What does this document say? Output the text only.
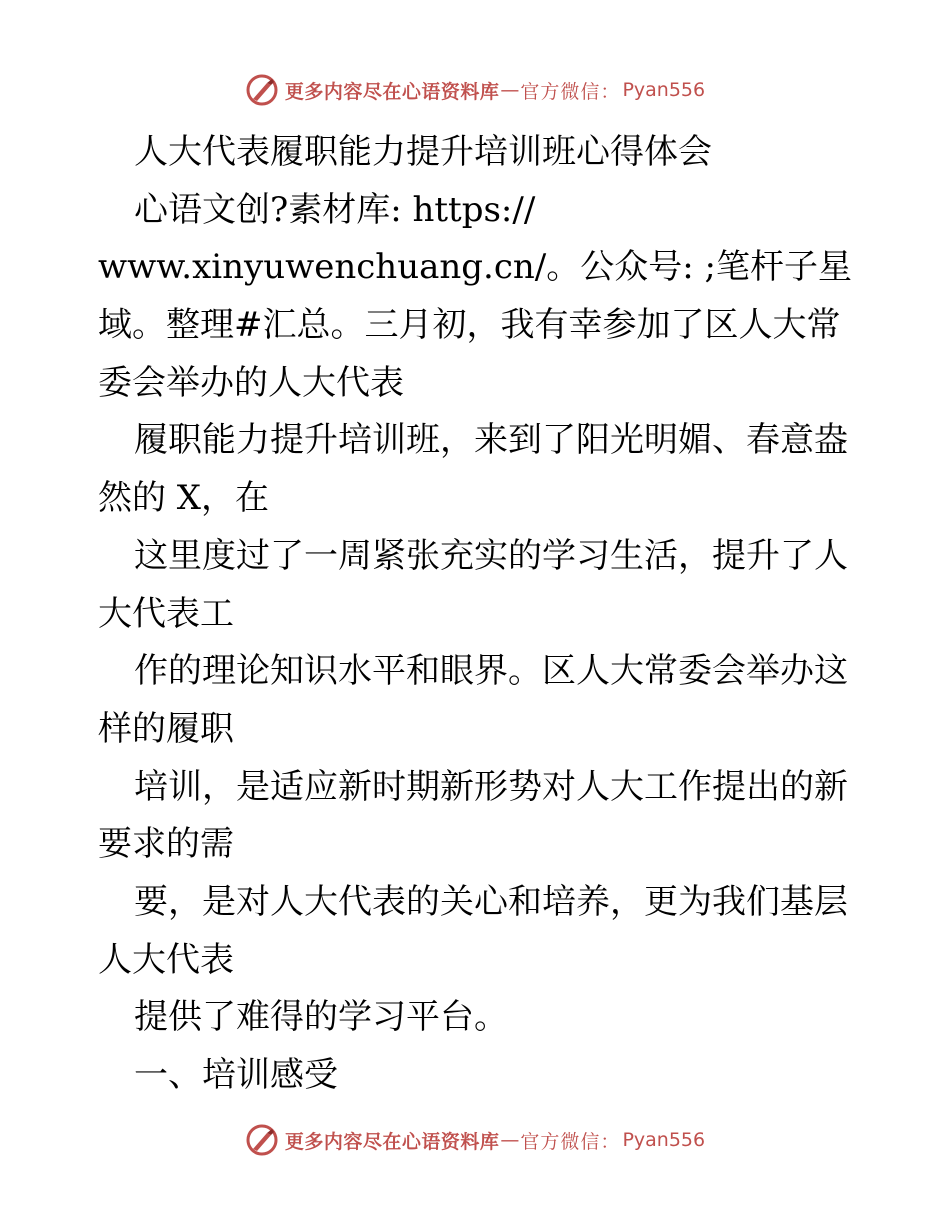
更多内容尽在心语资料库 — 官方微信： Pyan556
人大代表履职能力提升培训班心得体会
心语文创?素材库: https://
www.xinyuwenchuang.cn/。公众号: ;笔杆子星
域。整理#汇总。三月初，我有幸参加了区人大常
委会举办的人大代表
履职能力提升培训班，来到了阳光明媚、春意盎
然的 X，在
这里度过了一周紧张充实的学习生活，提升了人
大代表工
作的理论知识水平和眼界。区人大常委会举办这
样的履职
培训，是适应新时期新形势对人大工作提出的新
要求的需
要，是对人大代表的关心和培养，更为我们基层
人大代表
提供了难得的学习平台。
一、培训感受
更多内容尽在心语资料库 — 官方微信： Pyan556
